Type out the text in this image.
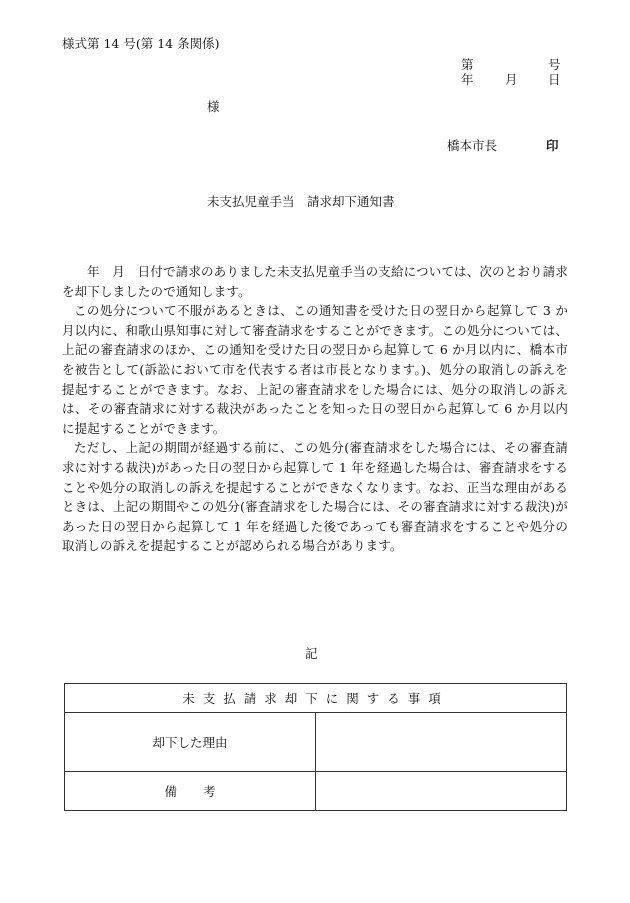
様式第 14 号(第 14 条関係)
第	号
年	月 日
様
橋本市長	印
未支払児童手当　請求却下通知書

年　月　日付で請求のありました未支払児童手当の支給については、次のとおり請求を却下しましたので通知します。

この処分について不服があるときは、この通知書を受けた日の翌日から起算して 3 か月以内に、和歌山県知事に対して審査請求をすることができます。この処分については、上記の審査請求のほか、この通知を受けた日の翌日から起算して 6 か月以内に、橋本市を被告として(訴訟において市を代表する者は市長となります。)、処分の取消しの訴えを提起することができます。なお、上記の審査請求をした場合には、処分の取消しの訴えは、その審査請求に対する裁決があったことを知った日の翌日から起算して 6 か月以内に提起することができます。

ただし、上記の期間が経過する前に、この処分(審査請求をした場合には、その審査請求に対する裁決)があった日の翌日から起算して 1 年を経過した場合は、審査請求をすることや処分の取消しの訴えを提起することができなくなります。なお、正当な理由があるときは、上記の期間やこの処分(審査請求をした場合には、その審査請求に対する裁決)があった日の翌日から起算して 1 年を経過した後であっても審査請求をすることや処分の取消しの訴えを提起することが認められる場合があります。

記
未支払請求却下に関する事項	
却下した理由	
備考	
